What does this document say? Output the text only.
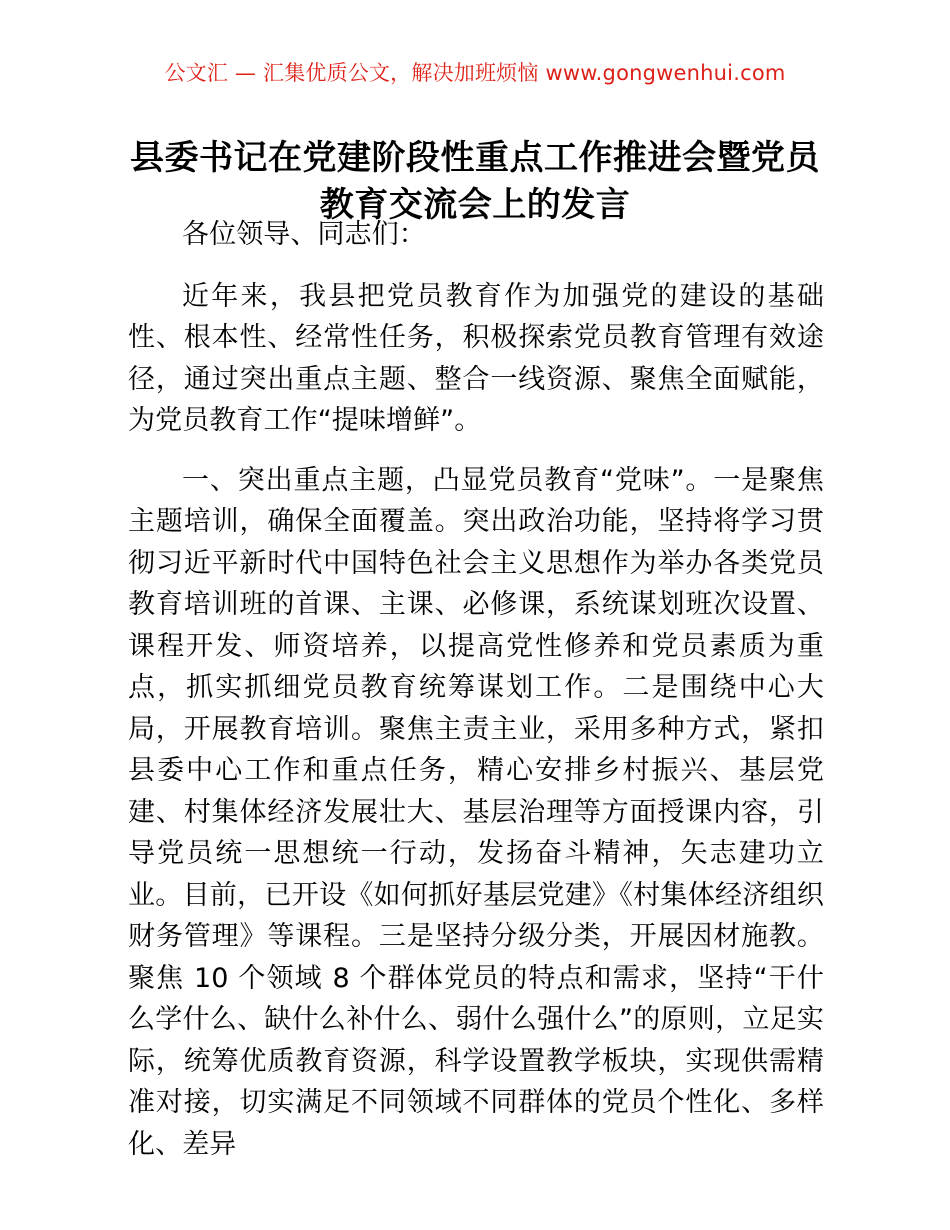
公文汇 — 汇集优质公文，解决加班烦恼 www.gongwenhui.com
县委书记在党建阶段性重点工作推进会暨党员教育交流会上的发言

各位领导、同志们：

近年来，我县把党员教育作为加强党的建设的基础性、根本性、经常性任务，积极探索党员教育管理有效途径，通过突出重点主题、整合一线资源、聚焦全面赋能，为党员教育工作“提味增鲜”。

一、突出重点主题，凸显党员教育“党味”。一是聚焦主题培训，确保全面覆盖。突出政治功能，坚持将学习贯彻习近平新时代中国特色社会主义思想作为举办各类党员教育培训班的首课、主课、必修课，系统谋划班次设置、课程开发、师资培养，以提高党性修养和党员素质为重点，抓实抓细党员教育统筹谋划工作。二是围绕中心大局，开展教育培训。聚焦主责主业，采用多种方式，紧扣县委中心工作和重点任务，精心安排乡村振兴、基层党建、村集体经济发展壮大、基层治理等方面授课内容，引导党员统一思想统一行动，发扬奋斗精神，矢志建功立业。目前，已开设《如何抓好基层党建》《村集体经济组织财务管理》等课程。三是坚持分级分类，开展因材施教。聚焦 10 个领域 8 个群体党员的特点和需求，坚持“干什么学什么、缺什么补什么、弱什么强什么”的原则，立足实际，统筹优质教育资源，科学设置教学板块，实现供需精准对接，切实满足不同领域不同群体的党员个性化、多样化、差异
